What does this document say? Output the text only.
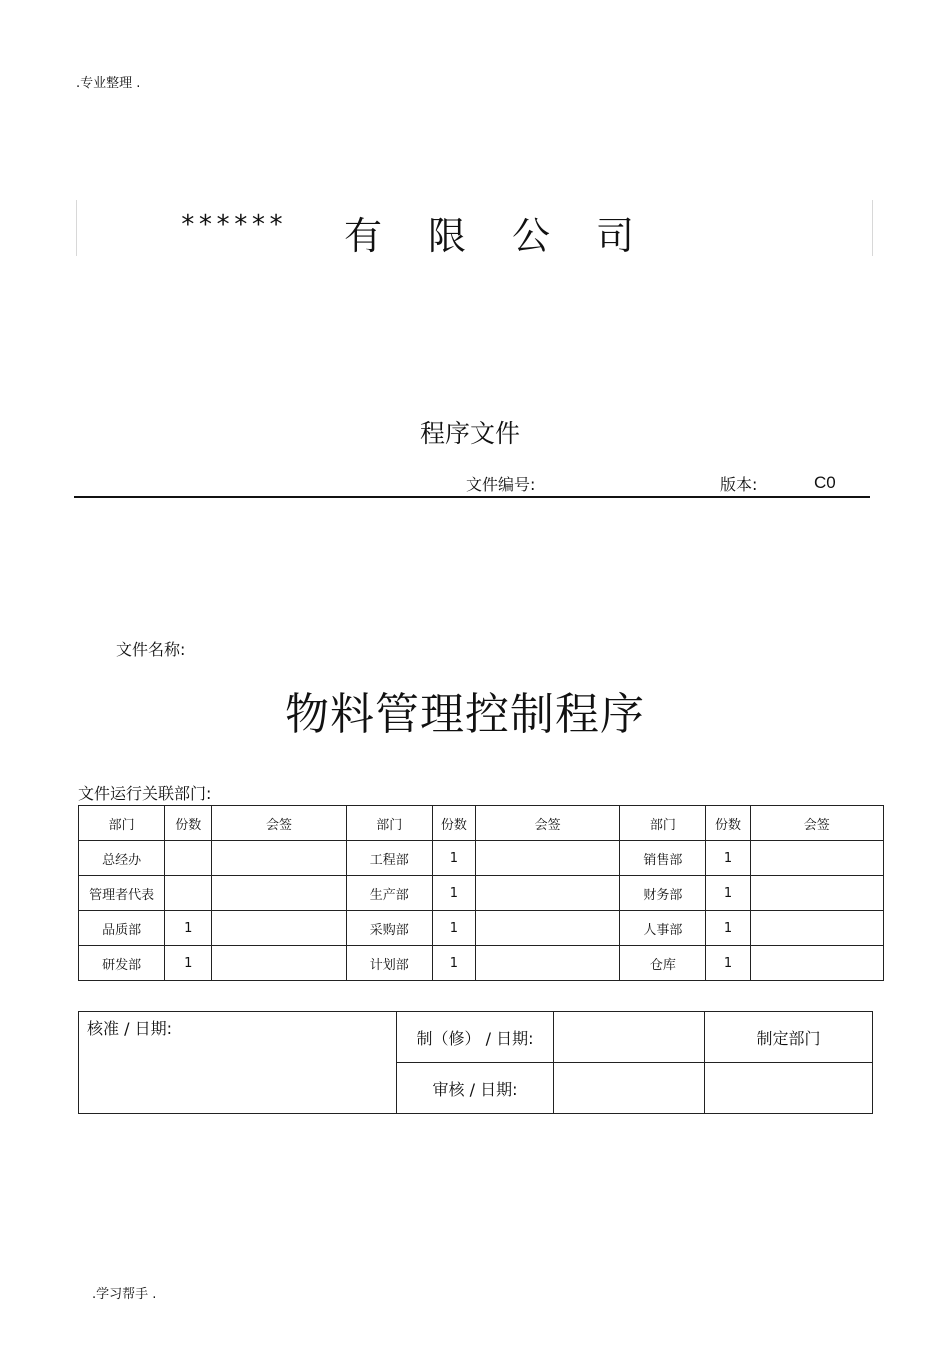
.专业整理 .
****** 有限公司
程序文件
文件编号:	版本:	C0
文件名称:
物料管理控制程序
文件运行关联部门:
部门	份数	会签	部门	份数	会签	部门	份数	会签
总经办			工程部	1		销售部	1	
管理者代表			生产部	1		财务部	1	
品质部	1		采购部	1		人事部	1	
研发部	1		计划部	1		仓库	1	
核准 / 日期:	制（修） / 日期:		制定部门
	审核 / 日期:		
.学习帮手 .
